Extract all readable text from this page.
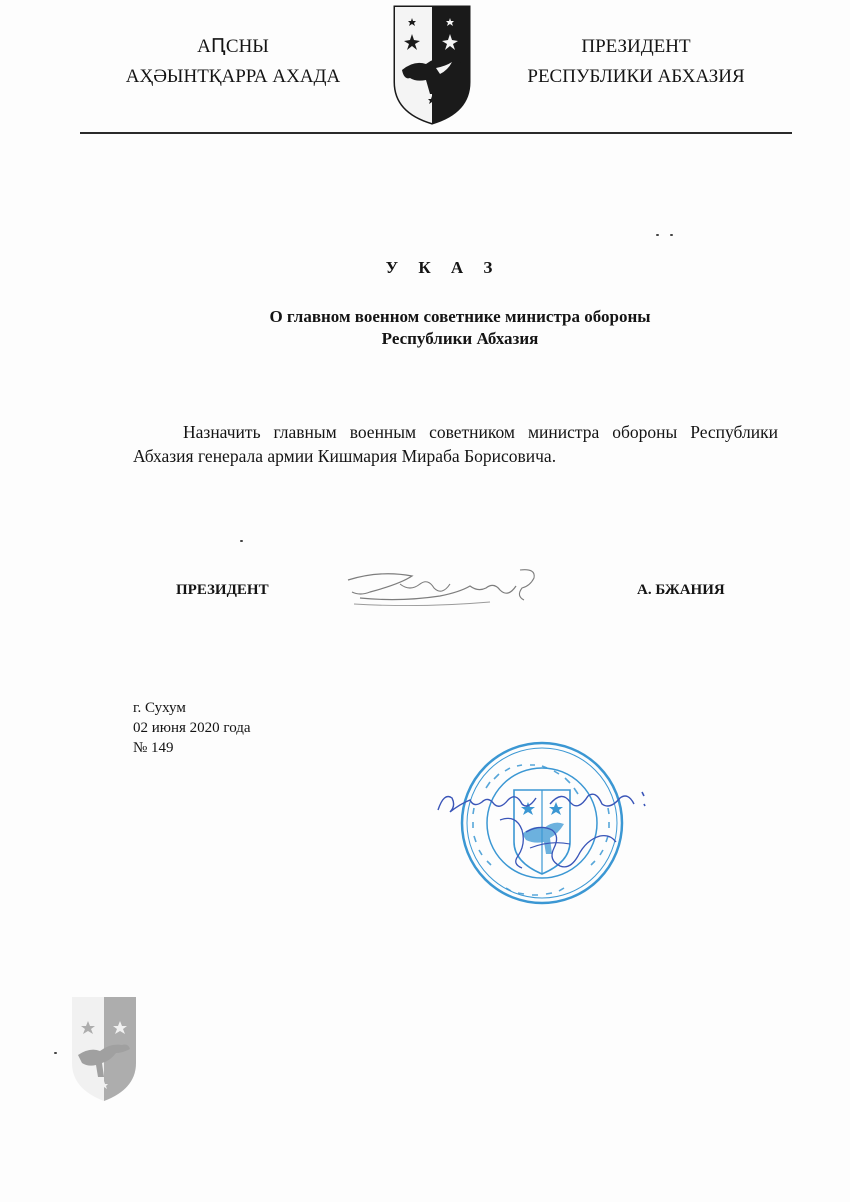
АԤСНЫ
АҲӘЫНТҚАРРА АХАДА
ПРЕЗИДЕНТ
РЕСПУБЛИКИ АБХАЗИЯ
У К А З
О главном военном советнике министра обороны
Республики Абхазия
Назначить главным военным советником министра обороны Республики Абхазия генерала армии Кишмария Мираба Борисовича.
ПРЕЗИДЕНТ	А. БЖАНИЯ
г. Сухум
02 июня 2020 года
№ 149
